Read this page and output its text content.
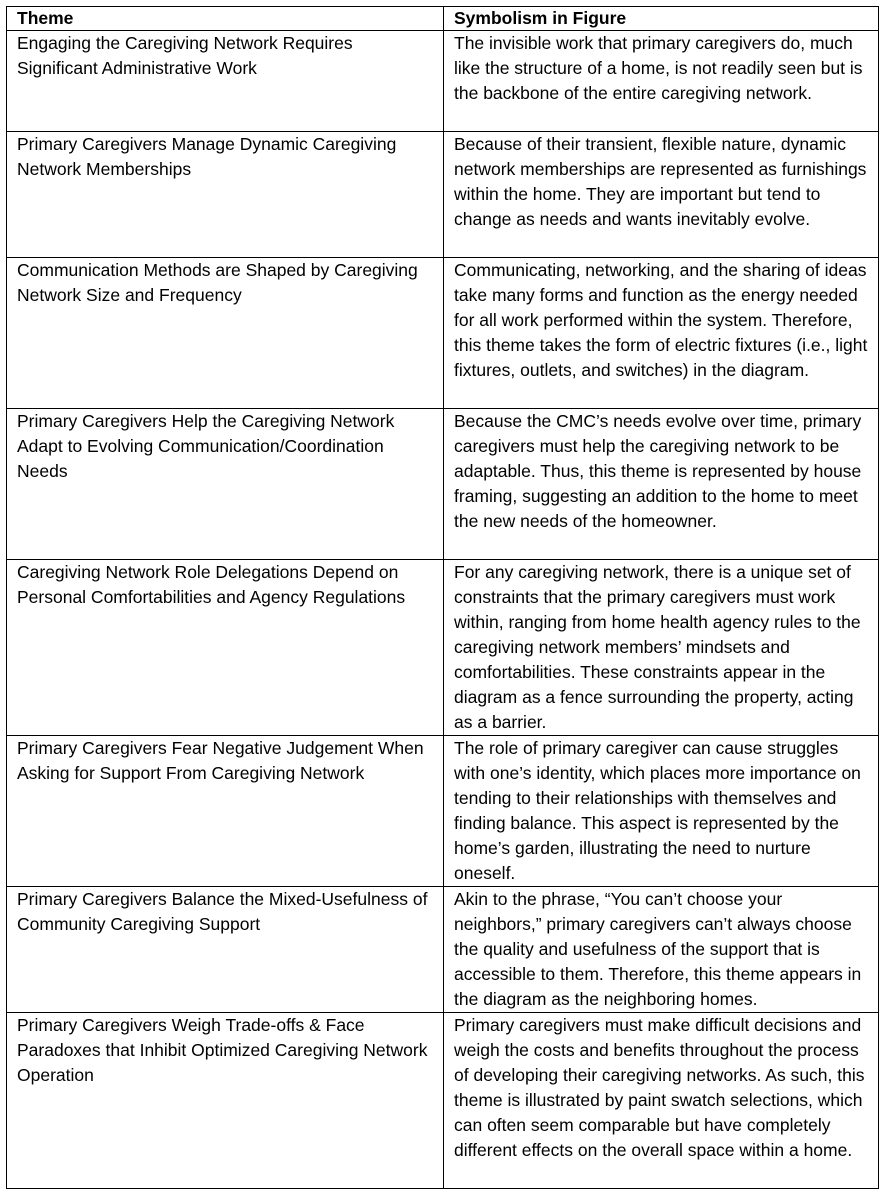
Theme	Symbolism in Figure
Engaging the Caregiving Network Requires Significant Administrative Work	The invisible work that primary caregivers do, much like the structure of a home, is not readily seen but is the backbone of the entire caregiving network.
Primary Caregivers Manage Dynamic Caregiving Network Memberships	Because of their transient, flexible nature, dynamic network memberships are represented as furnishings within the home. They are important but tend to change as needs and wants inevitably evolve.
Communication Methods are Shaped by Caregiving Network Size and Frequency	Communicating, networking, and the sharing of ideas take many forms and function as the energy needed for all work performed within the system. Therefore, this theme takes the form of electric fixtures (i.e., light fixtures, outlets, and switches) in the diagram.
Primary Caregivers Help the Caregiving Network Adapt to Evolving Communication/Coordination Needs	Because the CMC’s needs evolve over time, primary caregivers must help the caregiving network to be adaptable. Thus, this theme is represented by house framing, suggesting an addition to the home to meet the new needs of the homeowner.
Caregiving Network Role Delegations Depend on Personal Comfortabilities and Agency Regulations	For any caregiving network, there is a unique set of constraints that the primary caregivers must work within, ranging from home health agency rules to the caregiving network members’ mindsets and comfortabilities. These constraints appear in the diagram as a fence surrounding the property, acting as a barrier.
Primary Caregivers Fear Negative Judgement When Asking for Support From Caregiving Network	The role of primary caregiver can cause struggles with one’s identity, which places more importance on tending to their relationships with themselves and finding balance. This aspect is represented by the home’s garden, illustrating the need to nurture oneself.
Primary Caregivers Balance the Mixed-Usefulness of Community Caregiving Support	Akin to the phrase, “You can’t choose your neighbors,” primary caregivers can’t always choose the quality and usefulness of the support that is accessible to them. Therefore, this theme appears in the diagram as the neighboring homes.
Primary Caregivers Weigh Trade-offs & Face Paradoxes that Inhibit Optimized Caregiving Network Operation	Primary caregivers must make difficult decisions and weigh the costs and benefits throughout the process of developing their caregiving networks. As such, this theme is illustrated by paint swatch selections, which can often seem comparable but have completely different effects on the overall space within a home.
